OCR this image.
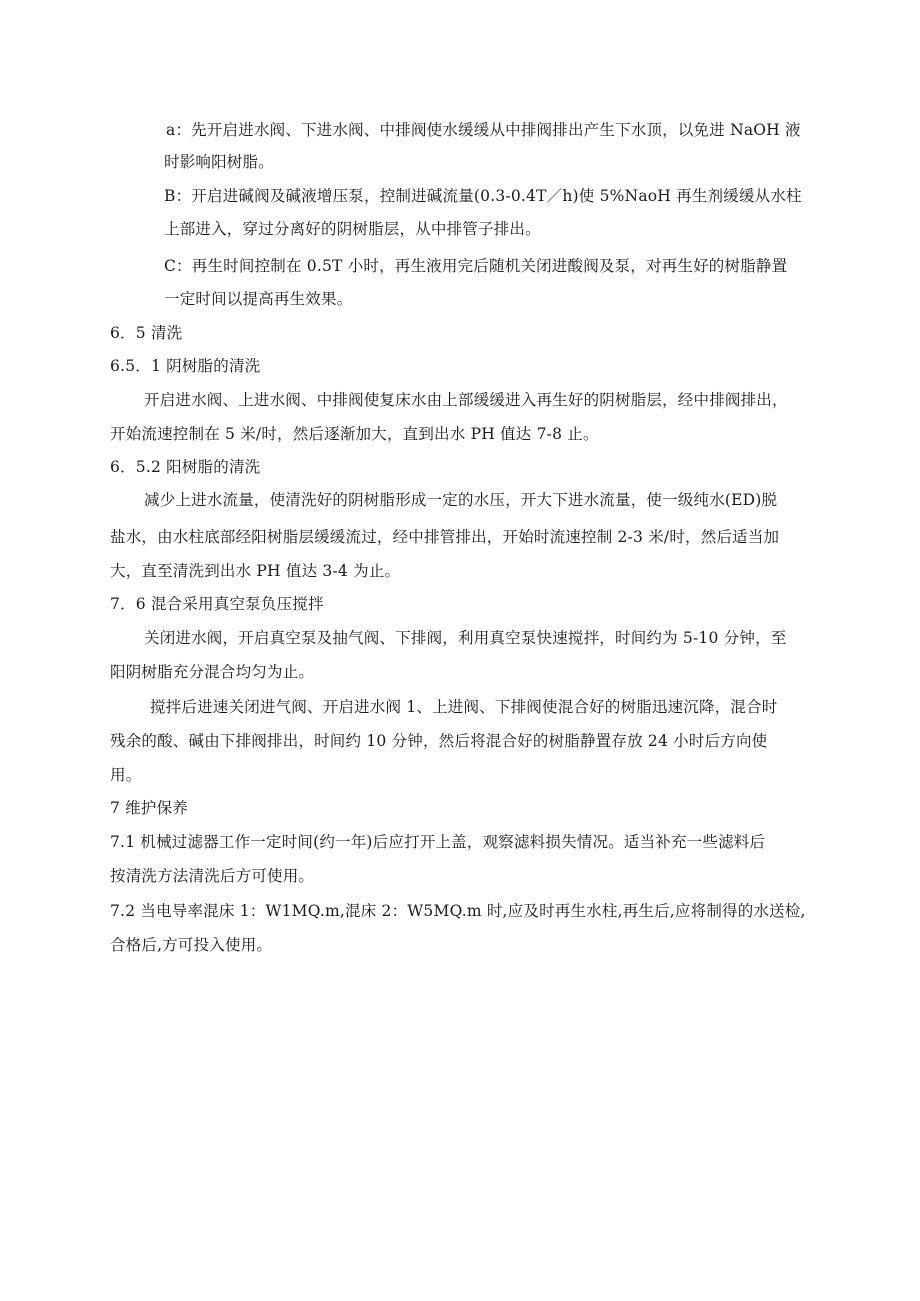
a：先开启进水阀、下进水阀、中排阀使水缓缓从中排阀排出产生下水顶，以免进 NaOH 液
时影响阳树脂。
B：开启进碱阀及碱液增压泵，控制进碱流量(0.3-0.4T／h)使 5%NaoH 再生剂缓缓从水柱
上部进入，穿过分离好的阴树脂层，从中排管子排出。
C：再生时间控制在 0.5T 小时，再生液用完后随机关闭进酸阀及泵，对再生好的树脂静置
一定时间以提高再生效果。
6．5 清洗
6.5．1 阴树脂的清洗
开启进水阀、上进水阀、中排阀使复床水由上部缓缓进入再生好的阴树脂层，经中排阀排出，
开始流速控制在 5 米/时，然后逐渐加大，直到出水 PH 值达 7-8 止。
6．5.2 阳树脂的清洗
减少上进水流量，使清洗好的阴树脂形成一定的水压，开大下进水流量，使一级纯水(ED)脱
盐水，由水柱底部经阳树脂层缓缓流过，经中排管排出，开始时流速控制 2-3 米/时，然后适当加
大，直至清洗到出水 PH 值达 3-4 为止。
7．6 混合采用真空泵负压搅拌
关闭进水阀，开启真空泵及抽气阀、下排阀，利用真空泵快速搅拌，时间约为 5-10 分钟，至
阳阴树脂充分混合均匀为止。
搅拌后进速关闭进气阀、开启进水阀 1、上进阀、下排阀使混合好的树脂迅速沉降，混合时
残余的酸、碱由下排阀排出，时间约 10 分钟，然后将混合好的树脂静置存放 24 小时后方向使
用。
7 维护保养
7.1 机械过滤器工作一定时间(约一年)后应打开上盖，观察滤料损失情况。适当补充一些滤料后
按清洗方法清洗后方可使用。
7.2 当电导率混床 1：W1MQ.m,混床 2：W5MQ.m 时,应及时再生水柱,再生后,应将制得的水送检,
合格后,方可投入使用。
